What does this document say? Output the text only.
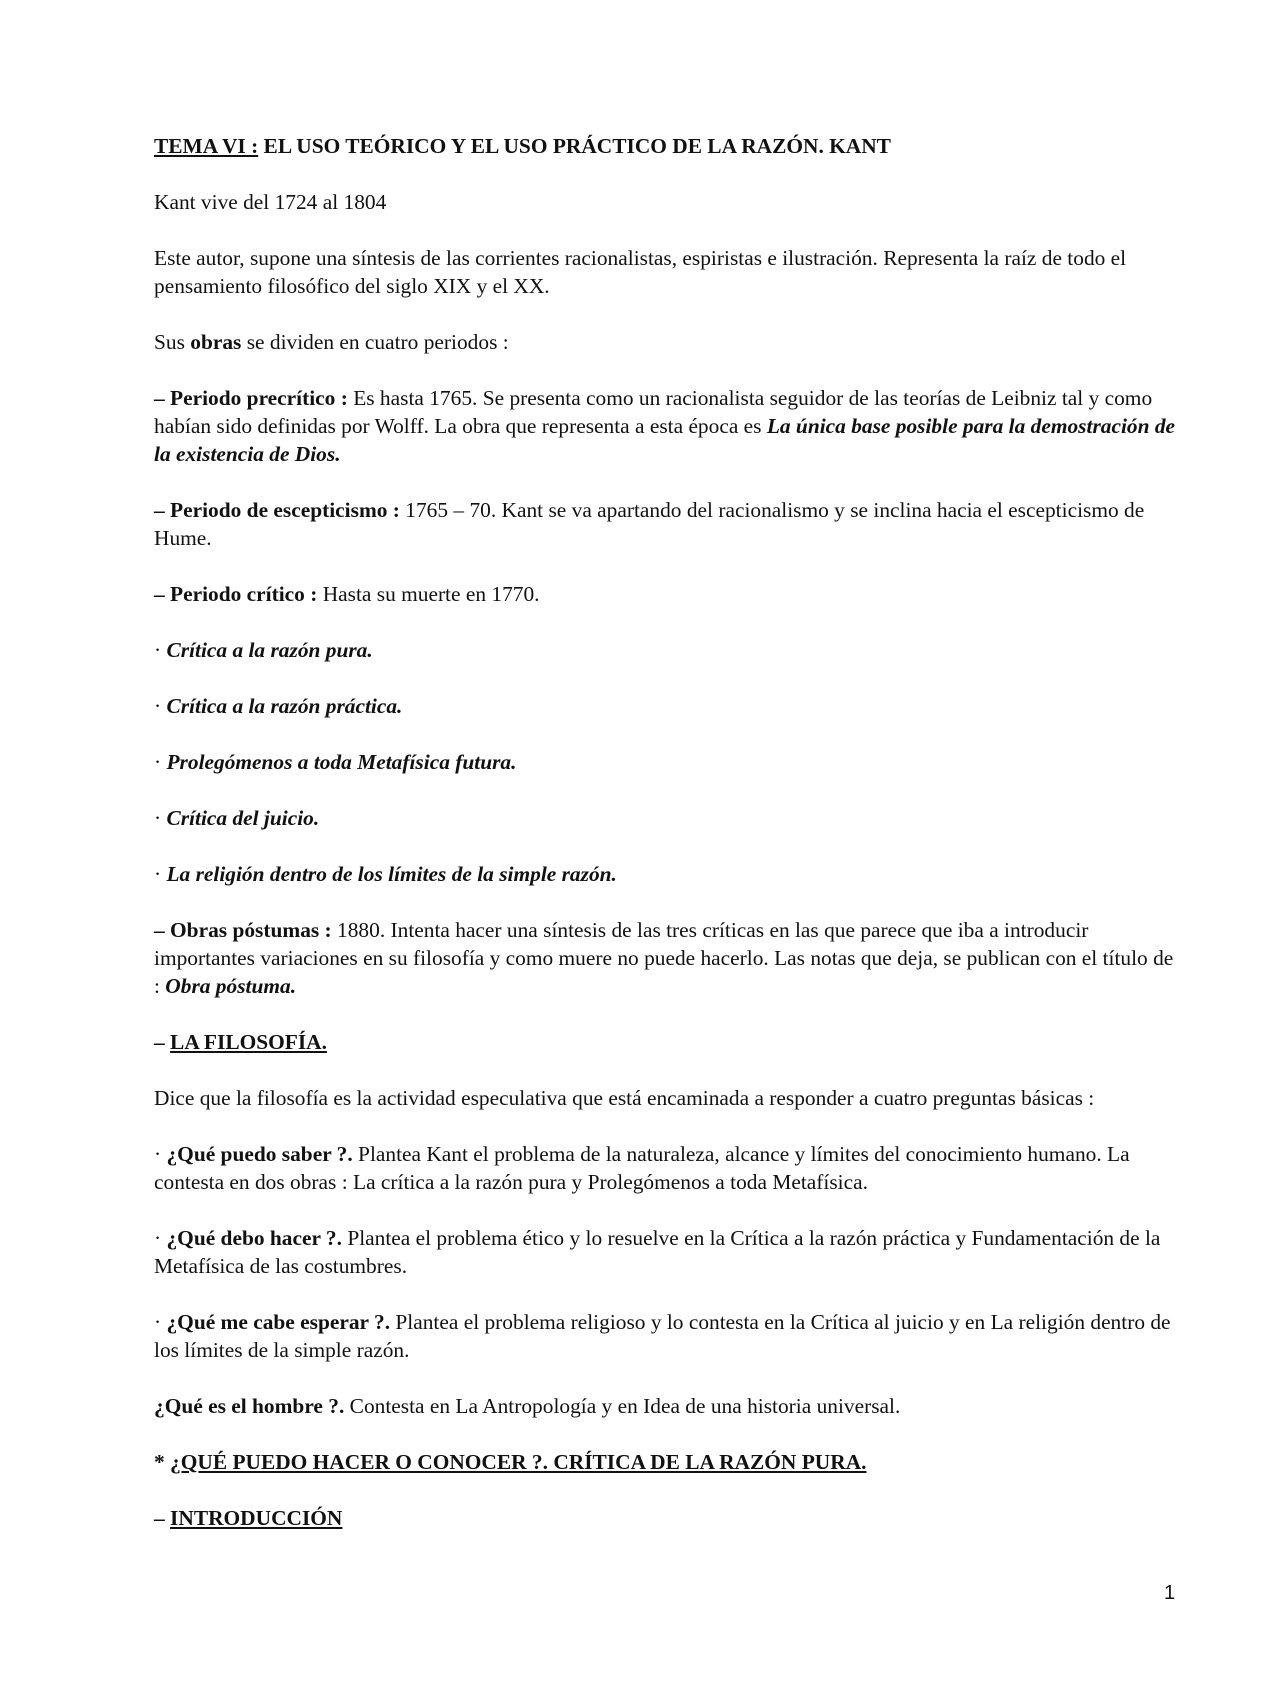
TEMA VI : EL USO TEÓRICO Y EL USO PRÁCTICO DE LA RAZÓN. KANT
Kant vive del 1724 al 1804
Este autor, supone una síntesis de las corrientes racionalistas, espiristas e ilustración. Representa la raíz de todo el pensamiento filosófico del siglo XIX y el XX.
Sus obras se dividen en cuatro periodos :
– Periodo precrítico : Es hasta 1765. Se presenta como un racionalista seguidor de las teorías de Leibniz tal y como habían sido definidas por Wolff. La obra que representa a esta época es La única base posible para la demostración de la existencia de Dios.
– Periodo de escepticismo : 1765 – 70. Kant se va apartando del racionalismo y se inclina hacia el escepticismo de Hume.
– Periodo crítico : Hasta su muerte en 1770.
· Crítica a la razón pura.
· Crítica a la razón práctica.
· Prolegómenos a toda Metafísica futura.
· Crítica del juicio.
· La religión dentro de los límites de la simple razón.
– Obras póstumas : 1880. Intenta hacer una síntesis de las tres críticas en las que parece que iba a introducir importantes variaciones en su filosofía y como muere no puede hacerlo. Las notas que deja, se publican con el título de : Obra póstuma.
– LA FILOSOFÍA.
Dice que la filosofía es la actividad especulativa que está encaminada a responder a cuatro preguntas básicas :
· ¿Qué puedo saber ?. Plantea Kant el problema de la naturaleza, alcance y límites del conocimiento humano. La contesta en dos obras : La crítica a la razón pura y Prolegómenos a toda Metafísica.
· ¿Qué debo hacer ?. Plantea el problema ético y lo resuelve en la Crítica a la razón práctica y Fundamentación de la Metafísica de las costumbres.
· ¿Qué me cabe esperar ?. Plantea el problema religioso y lo contesta en la Crítica al juicio y en La religión dentro de los límites de la simple razón.
¿Qué es el hombre ?. Contesta en La Antropología y en Idea de una historia universal.
* ¿QUÉ PUEDO HACER O CONOCER ?. CRÍTICA DE LA RAZÓN PURA.
– INTRODUCCIÓN
1
